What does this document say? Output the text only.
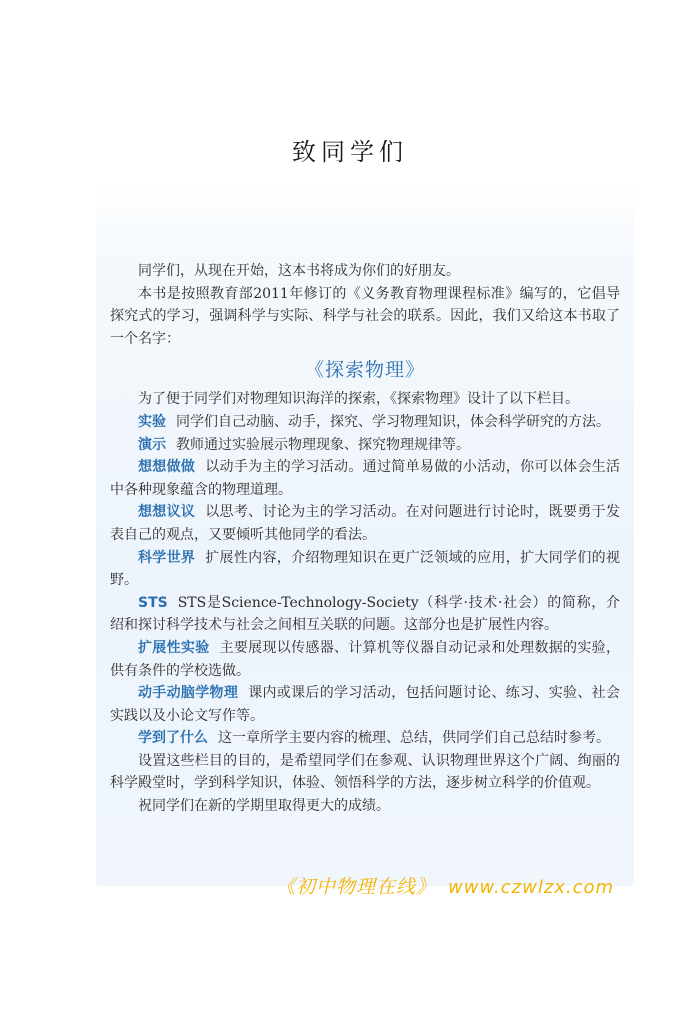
致同学们

同学们，从现在开始，这本书将成为你们的好朋友。

本书是按照教育部2011年修订的《义务教育物理课程标准》编写的，它倡导探究式的学习，强调科学与实际、科学与社会的联系。因此，我们又给这本书取了一个名字：

《探索物理》

为了便于同学们对物理知识海洋的探索，《探索物理》设计了以下栏目。

实验 同学们自己动脑、动手，探究、学习物理知识，体会科学研究的方法。

演示 教师通过实验展示物理现象、探究物理规律等。

想想做做 以动手为主的学习活动。通过简单易做的小活动，你可以体会生活中各种现象蕴含的物理道理。

想想议议 以思考、讨论为主的学习活动。在对问题进行讨论时，既要勇于发表自己的观点，又要倾听其他同学的看法。

科学世界 扩展性内容，介绍物理知识在更广泛领域的应用，扩大同学们的视野。

STS STS是Science-Technology-Society（科学·技术·社会）的简称，介绍和探讨科学技术与社会之间相互关联的问题。这部分也是扩展性内容。

扩展性实验 主要展现以传感器、计算机等仪器自动记录和处理数据的实验，供有条件的学校选做。

动手动脑学物理 课内或课后的学习活动，包括问题讨论、练习、实验、社会实践以及小论文写作等。

学到了什么 这一章所学主要内容的梳理、总结，供同学们自己总结时参考。

设置这些栏目的目的，是希望同学们在参观、认识物理世界这个广阔、绚丽的科学殿堂时，学到科学知识，体验、领悟科学的方法，逐步树立科学的价值观。

祝同学们在新的学期里取得更大的成绩。

《初中物理在线》 www.czwlzx.com
